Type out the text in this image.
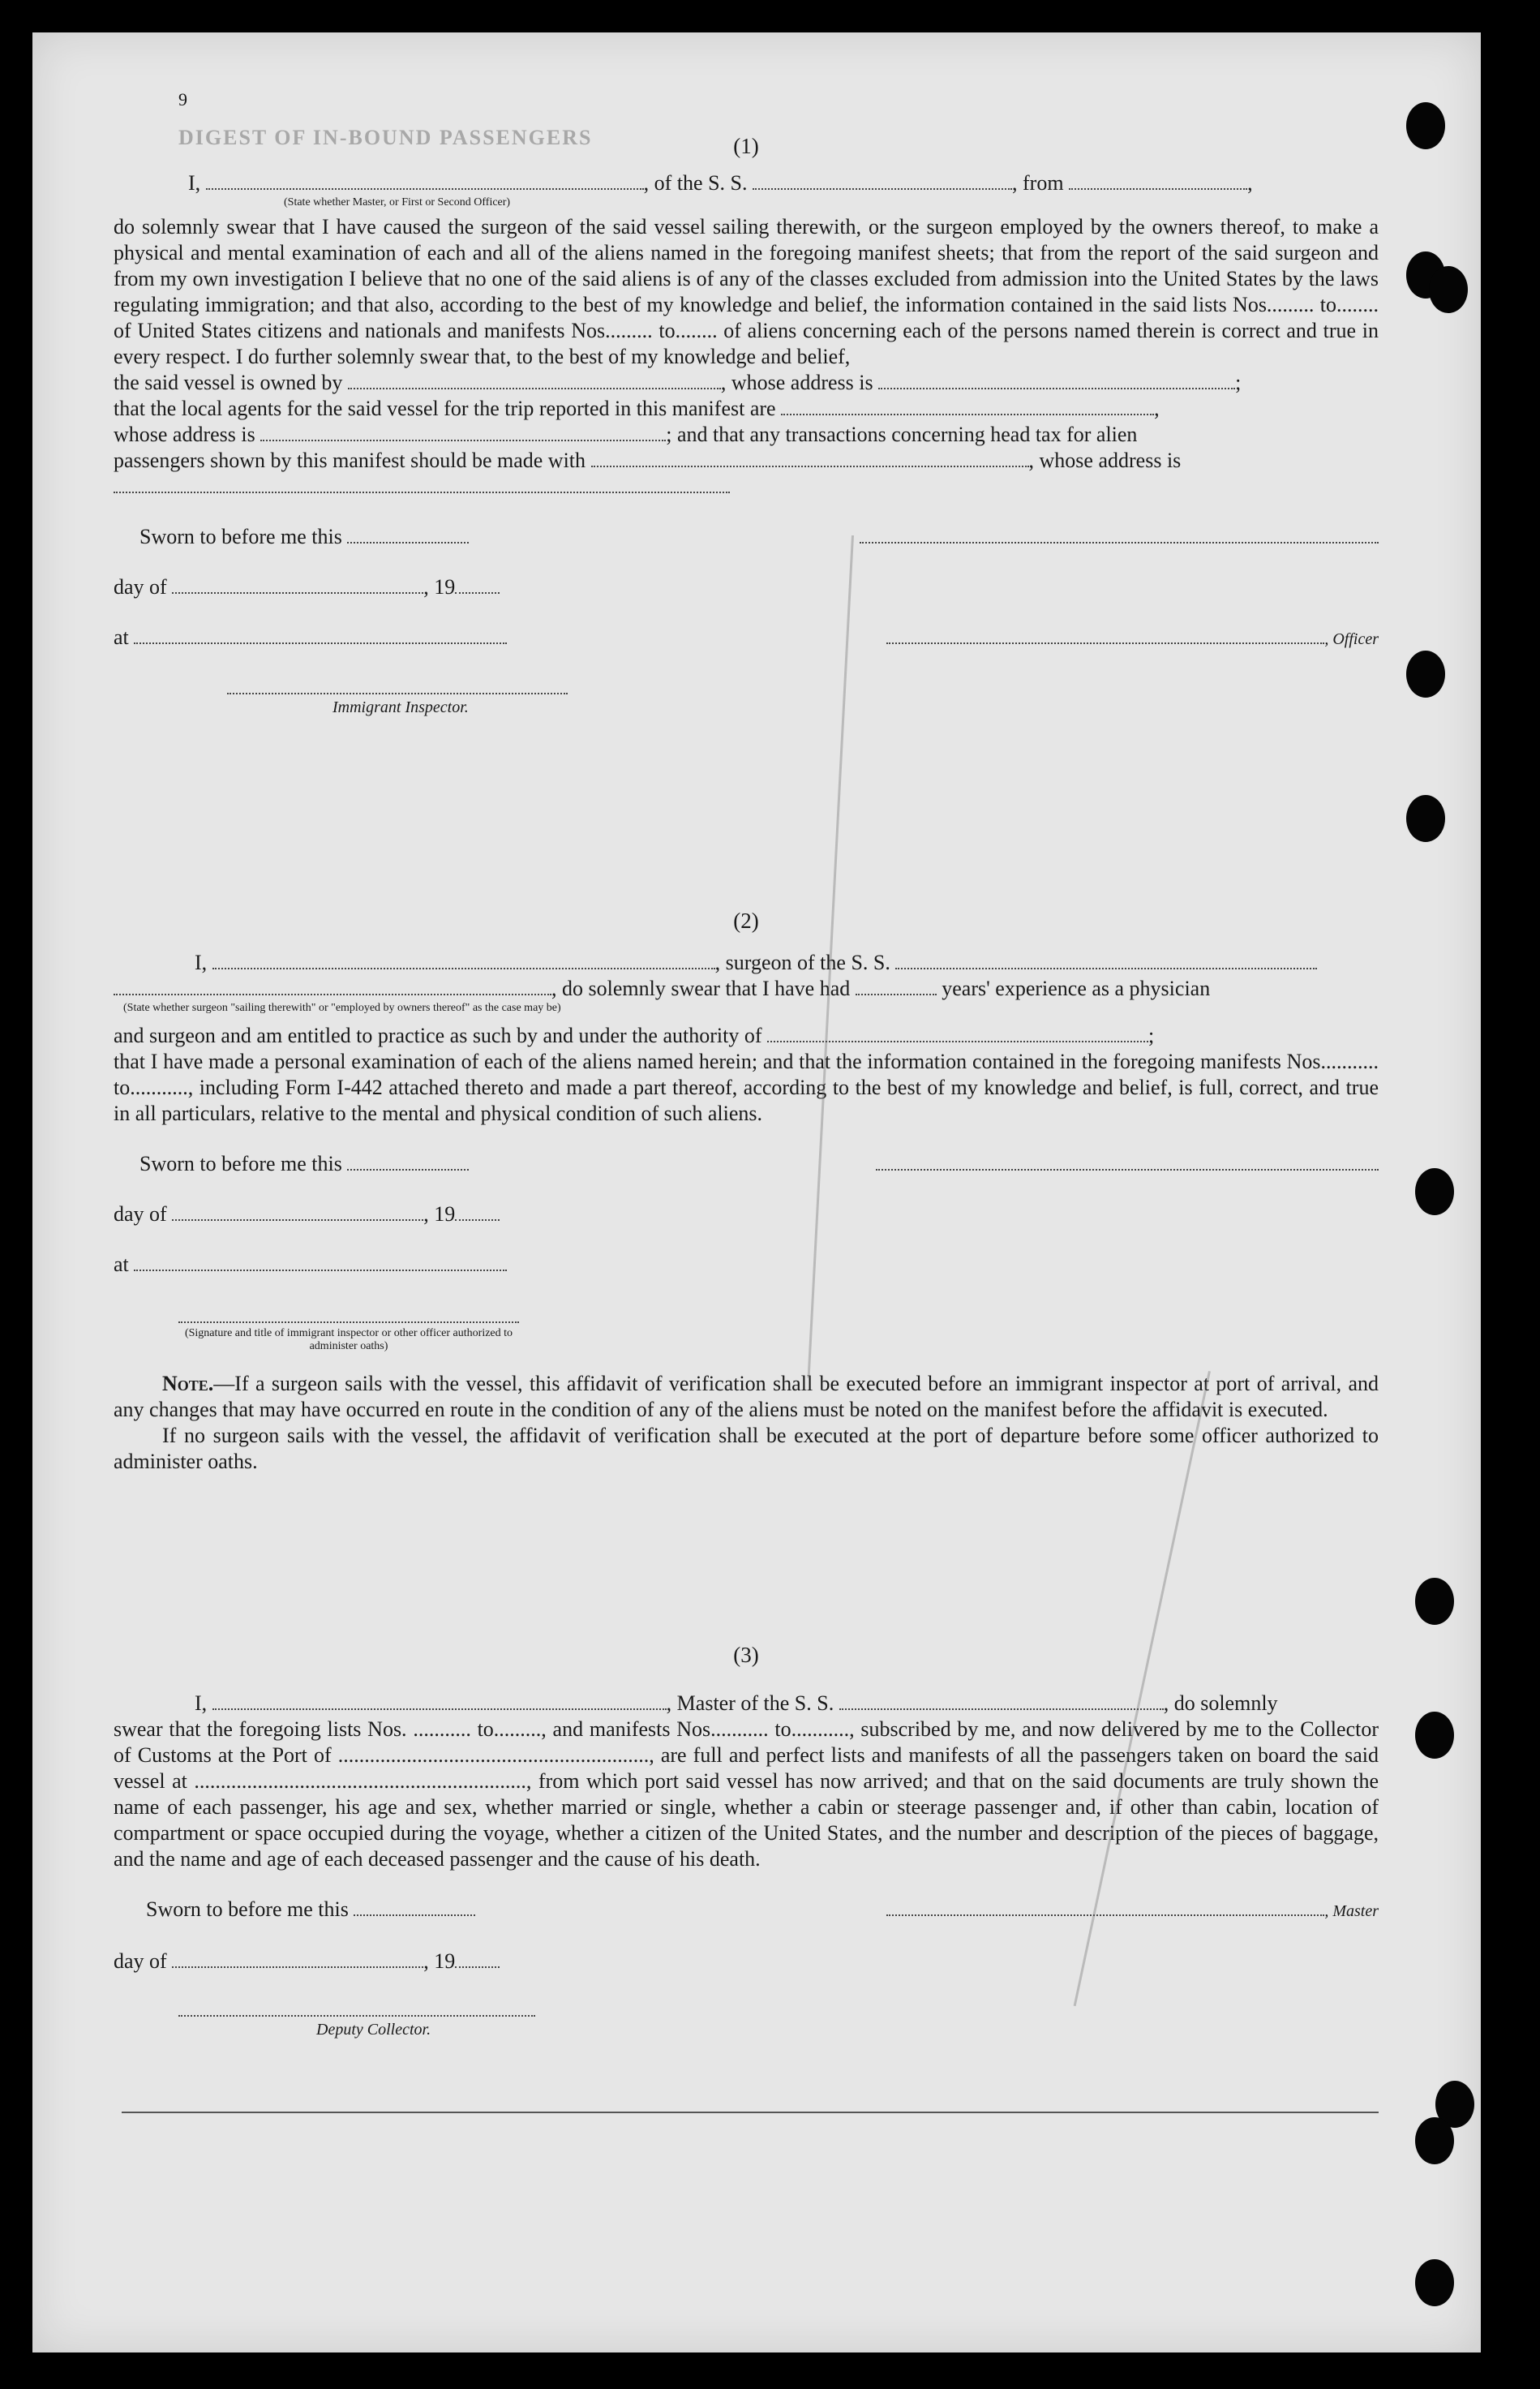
9
DIGEST OF IN-BOUND PASSENGERS	(1)

I,	, of the S. S.	, from	,
(State whether Master, or First or Second Officer)
do solemnly swear that I have caused the surgeon of the said vessel sailing therewith, or the surgeon employed by the owners thereof, to make a physical and mental examination of each and all of the aliens named in the foregoing manifest sheets; that from the report of the said surgeon and from my own investigation I believe that no one of the said aliens is of any of the classes excluded from admission into the United States by the laws regulating immigration; and that also, according to the best of my knowledge and belief, the information contained in the said lists Nos......... to........ of United States citizens and nationals and manifests Nos......... to........ of aliens concerning each of the persons named therein is correct and true in every respect. I do further solemnly swear that, to the best of my knowledge and belief,
the said vessel is owned by	, whose address is	;
that the local agents for the said vessel for the trip reported in this manifest are	,
whose address is	; and that any transactions concerning head tax for alien
passengers shown by this manifest should be made with	, whose address is
Sworn to before me this
day of	, 19
at	, Officer
Immigrant Inspector.

(2)

I,	, surgeon of the S. S.
, do solemnly swear that I have had	years' experience as a physician
(State whether surgeon "sailing therewith" or "employed by owners thereof" as the case may be)
and surgeon and am entitled to practice as such by and under the authority of	;
that I have made a personal examination of each of the aliens named herein; and that the information contained in the foregoing manifests Nos........... to..........., including Form I-442 attached thereto and made a part thereof, according to the best of my knowledge and belief, is full, correct, and true in all particulars, relative to the mental and physical condition of such aliens.
Sworn to before me this
day of	, 19
at
(Signature and title of immigrant inspector or other officer authorized to administer oaths)
Note.—If a surgeon sails with the vessel, this affidavit of verification shall be executed before an immigrant inspector at port of arrival, and any changes that may have occurred en route in the condition of any of the aliens must be noted on the manifest before the affidavit is executed.
If no surgeon sails with the vessel, the affidavit of verification shall be executed at the port of departure before some officer authorized to administer oaths.

(3)

I,	, Master of the S. S.	, do solemnly
swear that the foregoing lists Nos. ........... to........., and manifests Nos........... to..........., subscribed by me, and now delivered by me to the Collector of Customs at the Port of ..........................................................., are full and perfect lists and manifests of all the passengers taken on board the said vessel at ..............................................................., from which port said vessel has now arrived; and that on the said documents are truly shown the name of each passenger, his age and sex, whether married or single, whether a cabin or steerage passenger and, if other than cabin, location of compartment or space occupied during the voyage, whether a citizen of the United States, and the number and description of the pieces of baggage, and the name and age of each deceased passenger and the cause of his death.
Sworn to before me this	, Master
day of	, 19
Deputy Collector.
